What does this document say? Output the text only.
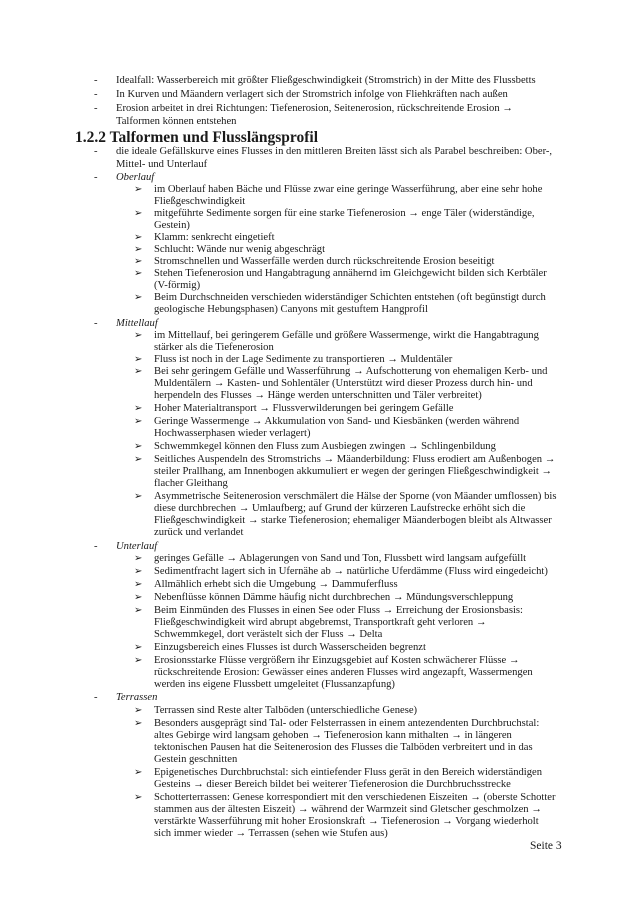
- Idealfall: Wasserbereich mit größter Fließgeschwindigkeit (Stromstrich) in der Mitte des Flussbetts
- In Kurven und Mäandern verlagert sich der Stromstrich infolge von Fliehkräften nach außen
- Erosion arbeitet in drei Richtungen: Tiefenerosion, Seitenerosion, rückschreitende Erosion →
Talformen können entstehen
1.2.2 Talformen und Flusslängsprofil
- die ideale Gefällskurve eines Flusses in den mittleren Breiten lässt sich als Parabel beschreiben: Ober-,
Mittel- und Unterlauf
- Oberlauf
➢ im Oberlauf haben Bäche und Flüsse zwar eine geringe Wasserführung, aber eine sehr hohe
Fließgeschwindigkeit
➢ mitgeführte Sedimente sorgen für eine starke Tiefenerosion → enge Täler (widerständige,
Gestein)
➢ Klamm: senkrecht eingetieft
➢ Schlucht: Wände nur wenig abgeschrägt
➢ Stromschnellen und Wasserfälle werden durch rückschreitende Erosion beseitigt
➢ Stehen Tiefenerosion und Hangabtragung annähernd im Gleichgewicht bilden sich Kerbtäler
(V-förmig)
➢ Beim Durchschneiden verschieden widerständiger Schichten entstehen (oft begünstigt durch
geologische Hebungsphasen) Canyons mit gestuftem Hangprofil
- Mittellauf
➢ im Mittellauf, bei geringerem Gefälle und größere Wassermenge, wirkt die Hangabtragung
stärker als die Tiefenerosion
➢ Fluss ist noch in der Lage Sedimente zu transportieren → Muldentäler
➢ Bei sehr geringem Gefälle und Wasserführung → Aufschotterung von ehemaligen Kerb- und
Muldentälern → Kasten- und Sohlentäler (Unterstützt wird dieser Prozess durch hin- und
herpendeln des Flusses → Hänge werden unterschnitten und Täler verbreitet)
➢ Hoher Materialtransport → Flussverwilderungen bei geringem Gefälle
➢ Geringe Wassermenge → Akkumulation von Sand- und Kiesbänken (werden während
Hochwasserphasen wieder verlagert)
➢ Schwemmkegel können den Fluss zum Ausbiegen zwingen → Schlingenbildung
➢ Seitliches Auspendeln des Stromstrichs → Mäanderbildung: Fluss erodiert am Außenbogen →
steiler Prallhang, am Innenbogen akkumuliert er wegen der geringen Fließgeschwindigkeit →
flacher Gleithang
➢ Asymmetrische Seitenerosion verschmälert die Hälse der Sporne (von Mäander umflossen) bis
diese durchbrechen → Umlaufberg; auf Grund der kürzeren Laufstrecke erhöht sich die
Fließgeschwindigkeit → starke Tiefenerosion; ehemaliger Mäanderbogen bleibt als Altwasser
zurück und verlandet
- Unterlauf
➢ geringes Gefälle → Ablagerungen von Sand und Ton, Flussbett wird langsam aufgefüllt
➢ Sedimentfracht lagert sich in Ufernähe ab → natürliche Uferdämme (Fluss wird eingedeicht)
➢ Allmählich erhebt sich die Umgebung → Dammuferfluss
➢ Nebenflüsse können Dämme häufig nicht durchbrechen → Mündungsverschleppung
➢ Beim Einmünden des Flusses in einen See oder Fluss → Erreichung der Erosionsbasis:
Fließgeschwindigkeit wird abrupt abgebremst, Transportkraft geht verloren →
Schwemmkegel, dort verästelt sich der Fluss → Delta
➢ Einzugsbereich eines Flusses ist durch Wasserscheiden begrenzt
➢ Erosionsstarke Flüsse vergrößern ihr Einzugsgebiet auf Kosten schwächerer Flüsse →
rückschreitende Erosion: Gewässer eines anderen Flusses wird angezapft, Wassermengen
werden ins eigene Flussbett umgeleitet (Flussanzapfung)
- Terrassen
➢ Terrassen sind Reste alter Talböden (unterschiedliche Genese)
➢ Besonders ausgeprägt sind Tal- oder Felsterrassen in einem antezendenten Durchbruchstal:
altes Gebirge wird langsam gehoben → Tiefenerosion kann mithalten → in längeren
tektonischen Pausen hat die Seitenerosion des Flusses die Talböden verbreitert und in das
Gestein geschnitten
➢ Epigenetisches Durchbruchstal: sich eintiefender Fluss gerät in den Bereich widerständigen
Gesteins → dieser Bereich bildet bei weiterer Tiefenerosion die Durchbruchsstrecke
➢ Schotterterrassen: Genese korrespondiert mit den verschiedenen Eiszeiten → (oberste Schotter
stammen aus der ältesten Eiszeit) → während der Warmzeit sind Gletscher geschmolzen →
verstärkte Wasserführung mit hoher Erosionskraft → Tiefenerosion → Vorgang wiederholt
sich immer wieder → Terrassen (sehen wie Stufen aus)
Seite 3
